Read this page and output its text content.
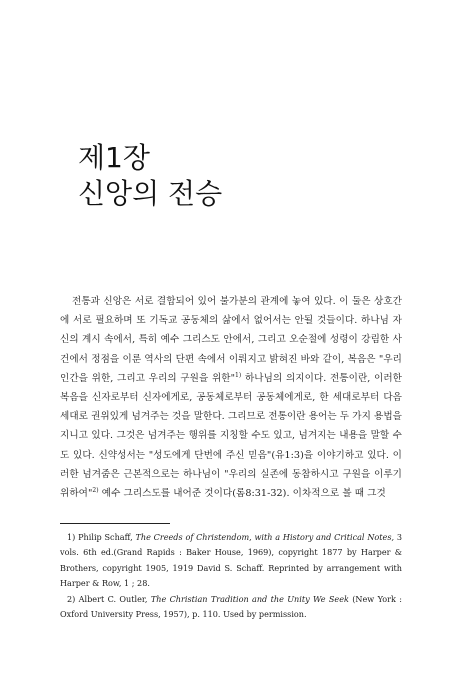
제1장
신앙의 전승

전통과 신앙은 서로 결합되어 있어 불가분의 관계에 놓여 있다. 이 둘은 상호간에 서로 필요하며 또 기독교 공동체의 삶에서 없어서는 안될 것들이다. 하나님 자신의 계시 속에서, 특히 예수 그리스도 안에서, 그리고 오순절에 성령이 강림한 사건에서 정점을 이룬 역사의 단편 속에서 이뤄지고 밝혀진 바와 같이, 복음은 "우리 인간을 위한, 그리고 우리의 구원을 위한"$^{1)}$ 하나님의 의지이다. 전통이란, 이러한 복음을 신자로부터 신자에게로, 공동체로부터 공동체에게로, 한 세대로부터 다음 세대로 권위있게 넘겨주는 것을 말한다. 그리므로 전통이란 용어는 두 가지 용법을 지니고 있다. 그것은 넘겨주는 행위를 지칭할 수도 있고, 넘겨지는 내용을 말할 수도 있다. 신약성서는 "성도에게 단번에 주신 믿음"(유1:3)을 이야기하고 있다. 이러한 넘겨줌은 근본적으로는 하나님이 "우리의 실존에 동참하시고 구원을 이루기 위하여"$^{2)}$ 예수 그리스도를 내어준 것이다(롬8:31-32). 이차적으로 볼 때 그것

1) Philip Schaff, The Creeds of Christendom, with a History and Critical Notes, 3 vols. 6th ed.(Grand Rapids : Baker House, 1969), copyright 1877 by Harper & Brothers, copyright 1905, 1919 David S. Schaff. Reprinted by arrangement with Harper & Row, 1 ; 28.

2) Albert C. Outler, The Christian Tradition and the Unity We Seek (New York : Oxford University Press, 1957), p. 110. Used by permission.
